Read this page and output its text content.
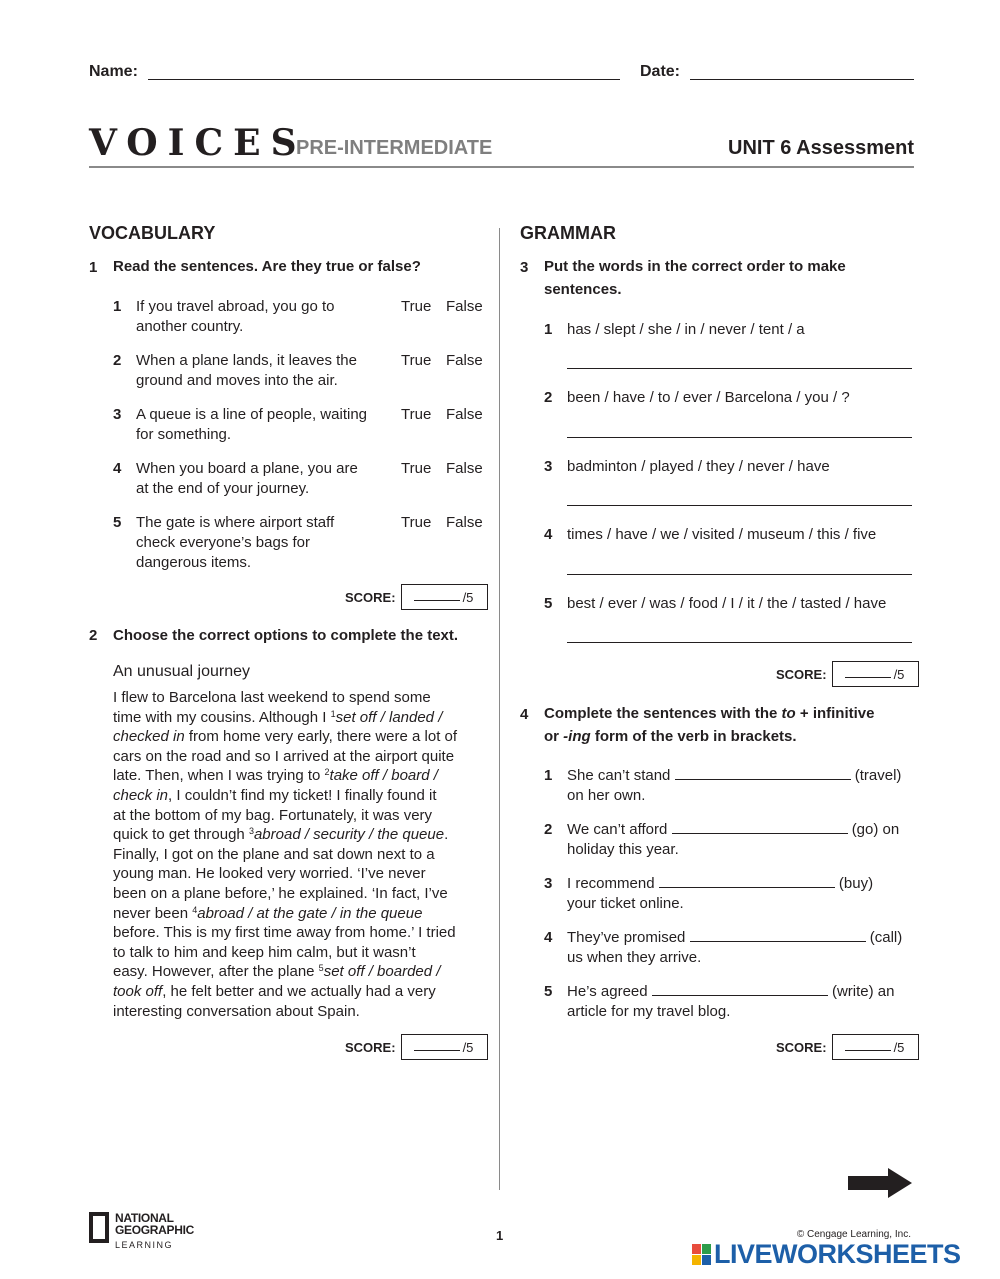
Name:	Date:
VOICES
PRE-INTERMEDIATE	UNIT 6 Assessment
VOCABULARY
1 Read the sentences. Are they true or false?
1 If you travel abroad, you go to
another country.
True False
2 When a plane lands, it leaves the
ground and moves into the air.
True False
3 A queue is a line of people, waiting
for something.
True False
4 When you board a plane, you are
at the end of your journey.
True False
5 The gate is where airport staff
check everyone’s bags for
dangerous items.
True False
SCORE:	/5
2 Choose the correct options to complete the text.
An unusual journey
I flew to Barcelona last weekend to spend some
time with my cousins. Although I $^1$set off / landed /
checked in from home very early, there were a lot of
cars on the road and so I arrived at the airport quite
late. Then, when I was trying to $^2$take off / board /
check in, I couldn’t find my ticket! I finally found it
at the bottom of my bag. Fortunately, it was very
quick to get through $^3$abroad / security / the queue.
Finally, I got on the plane and sat down next to a
young man. He looked very worried. ‘I’ve never
been on a plane before,’ he explained. ‘In fact, I’ve
never been $^4$abroad / at the gate / in the queue
before. This is my first time away from home.’ I tried
to talk to him and keep him calm, but it wasn’t
easy. However, after the plane $^5$set off / boarded /
took off, he felt better and we actually had a very
interesting conversation about Spain.
SCORE:	/5
GRAMMAR
3 Put the words in the correct order to make
sentences.
1 has / slept / she / in / never / tent / a
2 been / have / to / ever / Barcelona / you / ?
3 badminton / played / they / never / have
4 times / have / we / visited / museum / this / five
5 best / ever / was / food / I / it / the / tasted / have
SCORE:	/5
4 Complete the sentences with the to + infinitive
or -ing form of the verb in brackets.
1 She can’t stand	(travel)
on her own.
2 We can’t afford	(go) on
holiday this year.
3 I recommend	(buy)
your ticket online.
4 They’ve promised	(call)
us when they arrive.
5 He’s agreed	(write) an
article for my travel blog.
SCORE:	/5
NATIONAL
GEOGRAPHIC
LEARNING
1	© Cengage Learning, Inc.
LIVEWORKSHEETS
